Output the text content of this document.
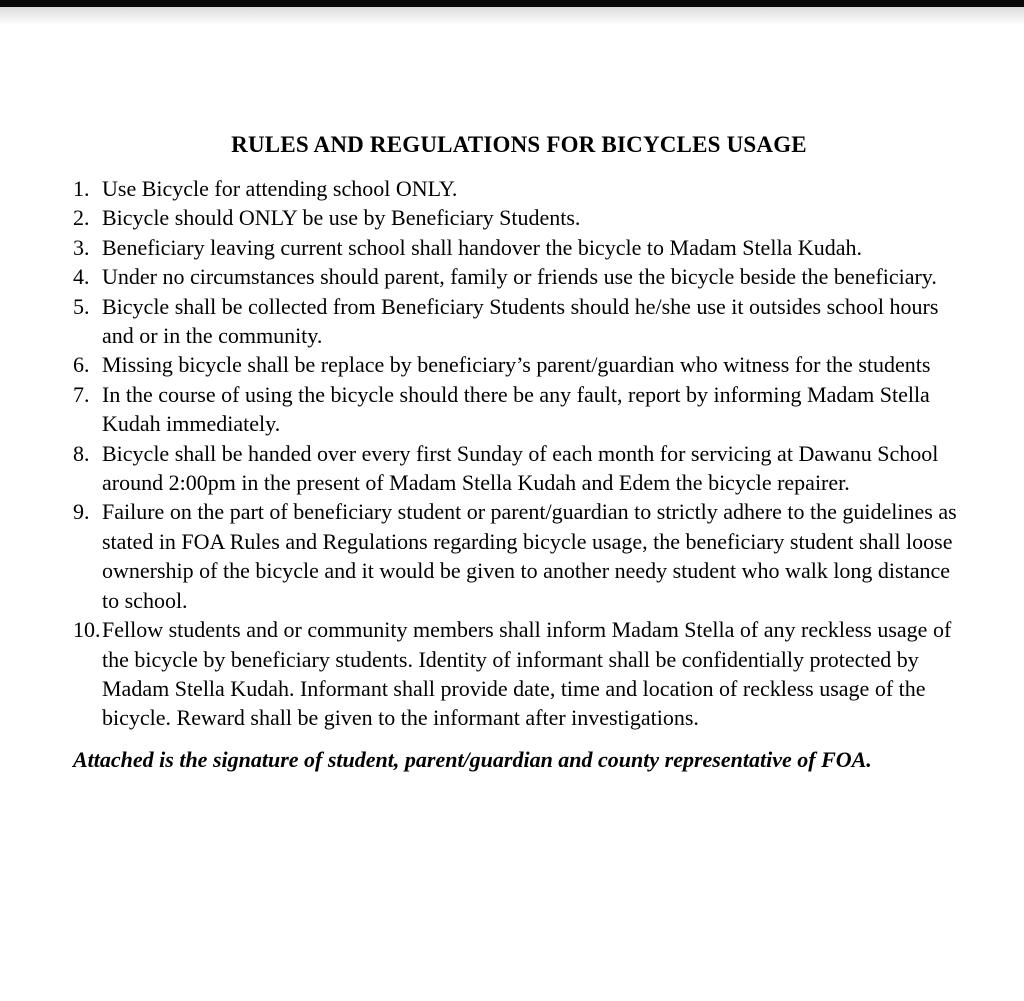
RULES AND REGULATIONS FOR BICYCLES USAGE
1. Use Bicycle for attending school ONLY.
2. Bicycle should ONLY be use by Beneficiary Students.
3. Beneficiary leaving current school shall handover the bicycle to Madam Stella Kudah.
4. Under no circumstances should parent, family or friends use the bicycle beside the beneficiary.
5. Bicycle shall be collected from Beneficiary Students should he/she use it outsides school hours and or in the community.
6. Missing bicycle shall be replace by beneficiary’s parent/guardian who witness for the students
7. In the course of using the bicycle should there be any fault, report by informing Madam Stella Kudah immediately.
8. Bicycle shall be handed over every first Sunday of each month for servicing at Dawanu School around 2:00pm in the present of Madam Stella Kudah and Edem the bicycle repairer.
9. Failure on the part of beneficiary student or parent/guardian to strictly adhere to the guidelines as stated in FOA Rules and Regulations regarding bicycle usage, the beneficiary student shall loose ownership of the bicycle and it would be given to another needy student who walk long distance to school.
10.Fellow students and or community members shall inform Madam Stella of any reckless usage of the bicycle by beneficiary students. Identity of informant shall be confidentially protected by Madam Stella Kudah. Informant shall provide date, time and location of reckless usage of the bicycle. Reward shall be given to the informant after investigations.

Attached is the signature of student, parent/guardian and county representative of FOA.
